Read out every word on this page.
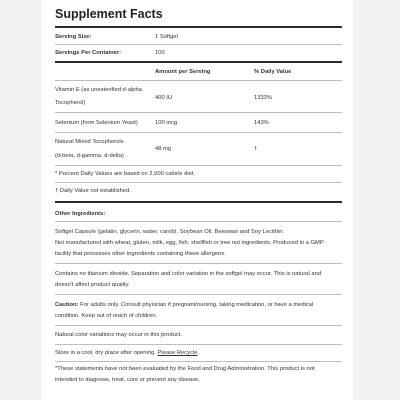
Supplement Facts
Serving Size:	1 Softgel
Servings Per Container:	100
Amount per Serving	% Daily Value
Vitamin E (as unesterified d-alpha
Tocopherol)
400 IU	1333%
Selenium (from Selenium Yeast)	100 mcg	143%
Natural Mixed Tocopherols
(d-beta, d-gamma, d-delta)
48 mg	†
* Percent Daily Values are based on 2,000 calorie diet.
† Daily Value not established.
Other Ingredients:
Softgel Capsule (gelatin, glycerin, water, carob), Soybean Oil, Beeswax and Soy Lecithin.
Not manufactured with wheat, gluten, milk, egg, fish, shellfish or tree nut ingredients. Produced in a GMP
facility that processes other ingredients containing these allergens.
Contains no titanium dioxide. Separation and color variation in the softgel may occur. This is natural and
doesn't affect product quality.
Caution: For adults only. Consult physician if pregnant/nursing, taking medication, or have a medical
condition. Keep out of reach of children.
Natural color variations may occur in this product.
Store in a cool, dry place after opening. Please Recycle.
*These statements have not been evaluated by the Food and Drug Administration. This product is not
intended to diagnose, treat, cure or prevent any disease.
